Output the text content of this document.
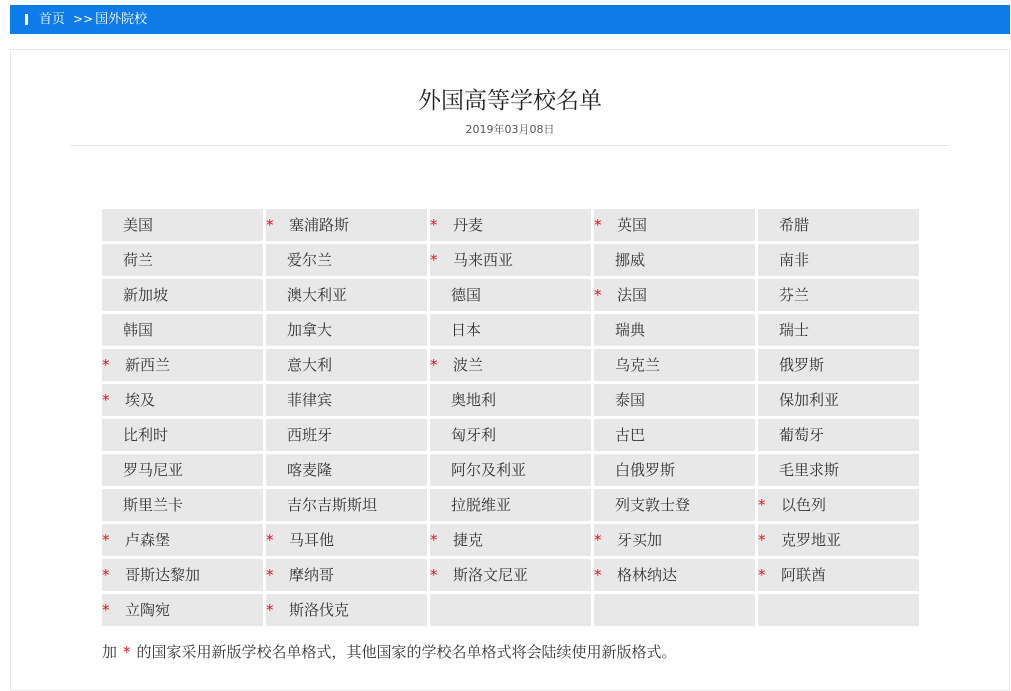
首页 >> 国外院校
外国高等学校名单
2019年03月08日
美国	* 塞浦路斯	* 丹麦	* 英国	希腊
荷兰	爱尔兰	* 马来西亚	挪威	南非
新加坡	澳大利亚	德国	* 法国	芬兰
韩国	加拿大	日本	瑞典	瑞士
* 新西兰	意大利	* 波兰	乌克兰	俄罗斯
* 埃及	菲律宾	奥地利	泰国	保加利亚
比利时	西班牙	匈牙利	古巴	葡萄牙
罗马尼亚	喀麦隆	阿尔及利亚	白俄罗斯	毛里求斯
斯里兰卡	吉尔吉斯斯坦	拉脱维亚	列支敦士登	* 以色列
* 卢森堡	* 马耳他	* 捷克	* 牙买加	* 克罗地亚
* 哥斯达黎加	* 摩纳哥	* 斯洛文尼亚	* 格林纳达	* 阿联酋
* 立陶宛	* 斯洛伐克
加 * 的国家采用新版学校名单格式，其他国家的学校名单格式将会陆续使用新版格式。
